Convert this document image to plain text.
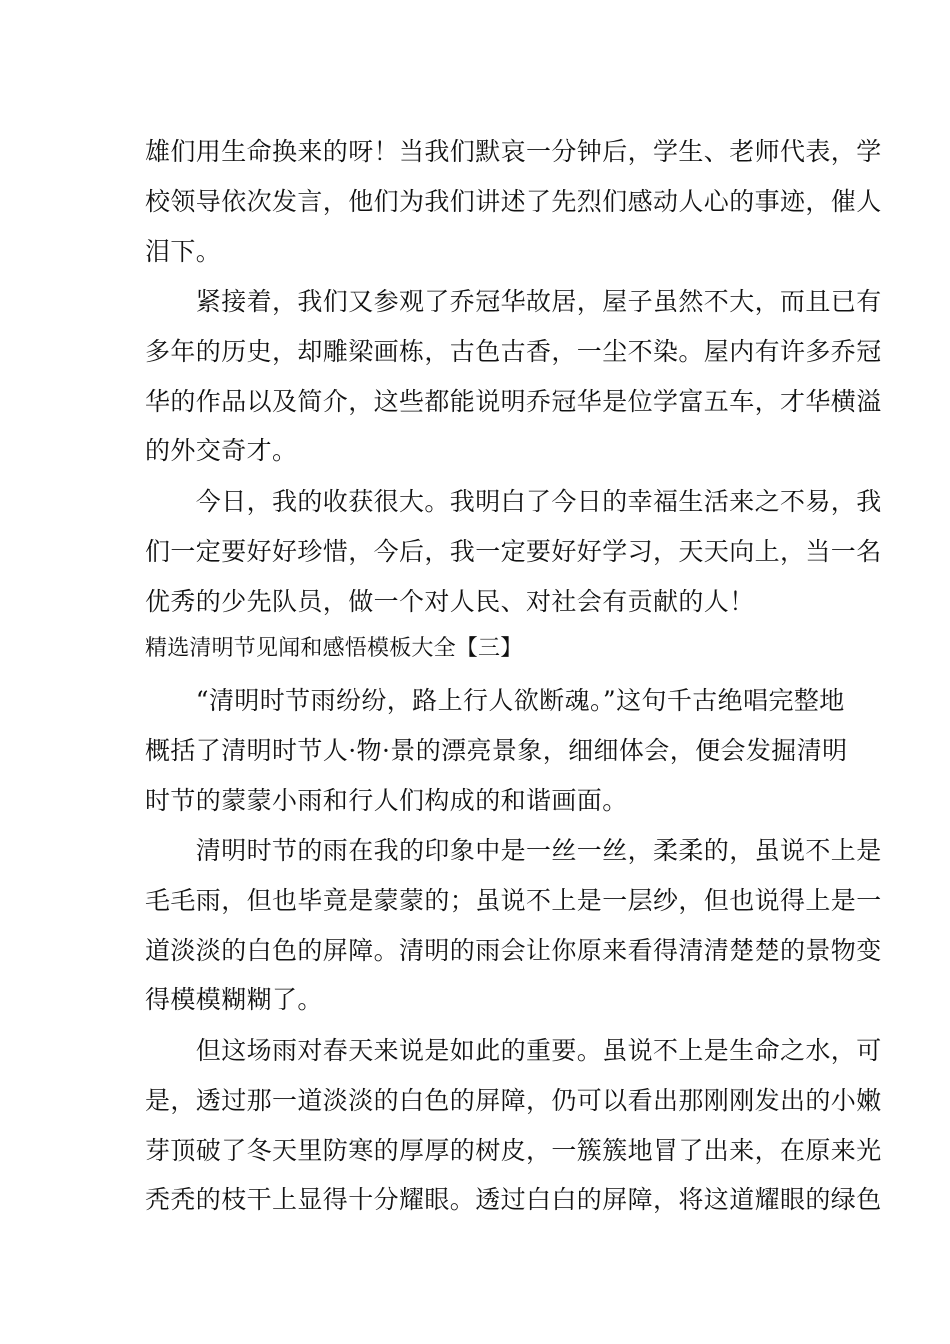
雄们用生命换来的呀！当我们默哀一分钟后，学生、老师代表，学
校领导依次发言，他们为我们讲述了先烈们感动人心的事迹，催人
泪下。
　　紧接着，我们又参观了乔冠华故居，屋子虽然不大，而且已有
多年的历史，却雕梁画栋，古色古香，一尘不染。屋内有许多乔冠
华的作品以及简介，这些都能说明乔冠华是位学富五车，才华横溢
的外交奇才。
　　今日，我的收获很大。我明白了今日的幸福生活来之不易，我
们一定要好好珍惜，今后，我一定要好好学习，天天向上，当一名
优秀的少先队员，做一个对人民、对社会有贡献的人！
精选清明节见闻和感悟模板大全【三】
　　“清明时节雨纷纷，路上行人欲断魂。”这句千古绝唱完整地
概括了清明时节人·物·景的漂亮景象，细细体会，便会发掘清明
时节的蒙蒙小雨和行人们构成的和谐画面。
　　清明时节的雨在我的印象中是一丝一丝，柔柔的，虽说不上是
毛毛雨，但也毕竟是蒙蒙的；虽说不上是一层纱，但也说得上是一
道淡淡的白色的屏障。清明的雨会让你原来看得清清楚楚的景物变
得模模糊糊了。
　　但这场雨对春天来说是如此的重要。虽说不上是生命之水，可
是，透过那一道淡淡的白色的屏障，仍可以看出那刚刚发出的小嫩
芽顶破了冬天里防寒的厚厚的树皮，一簇簇地冒了出来，在原来光
秃秃的枝干上显得十分耀眼。透过白白的屏障，将这道耀眼的绿色
